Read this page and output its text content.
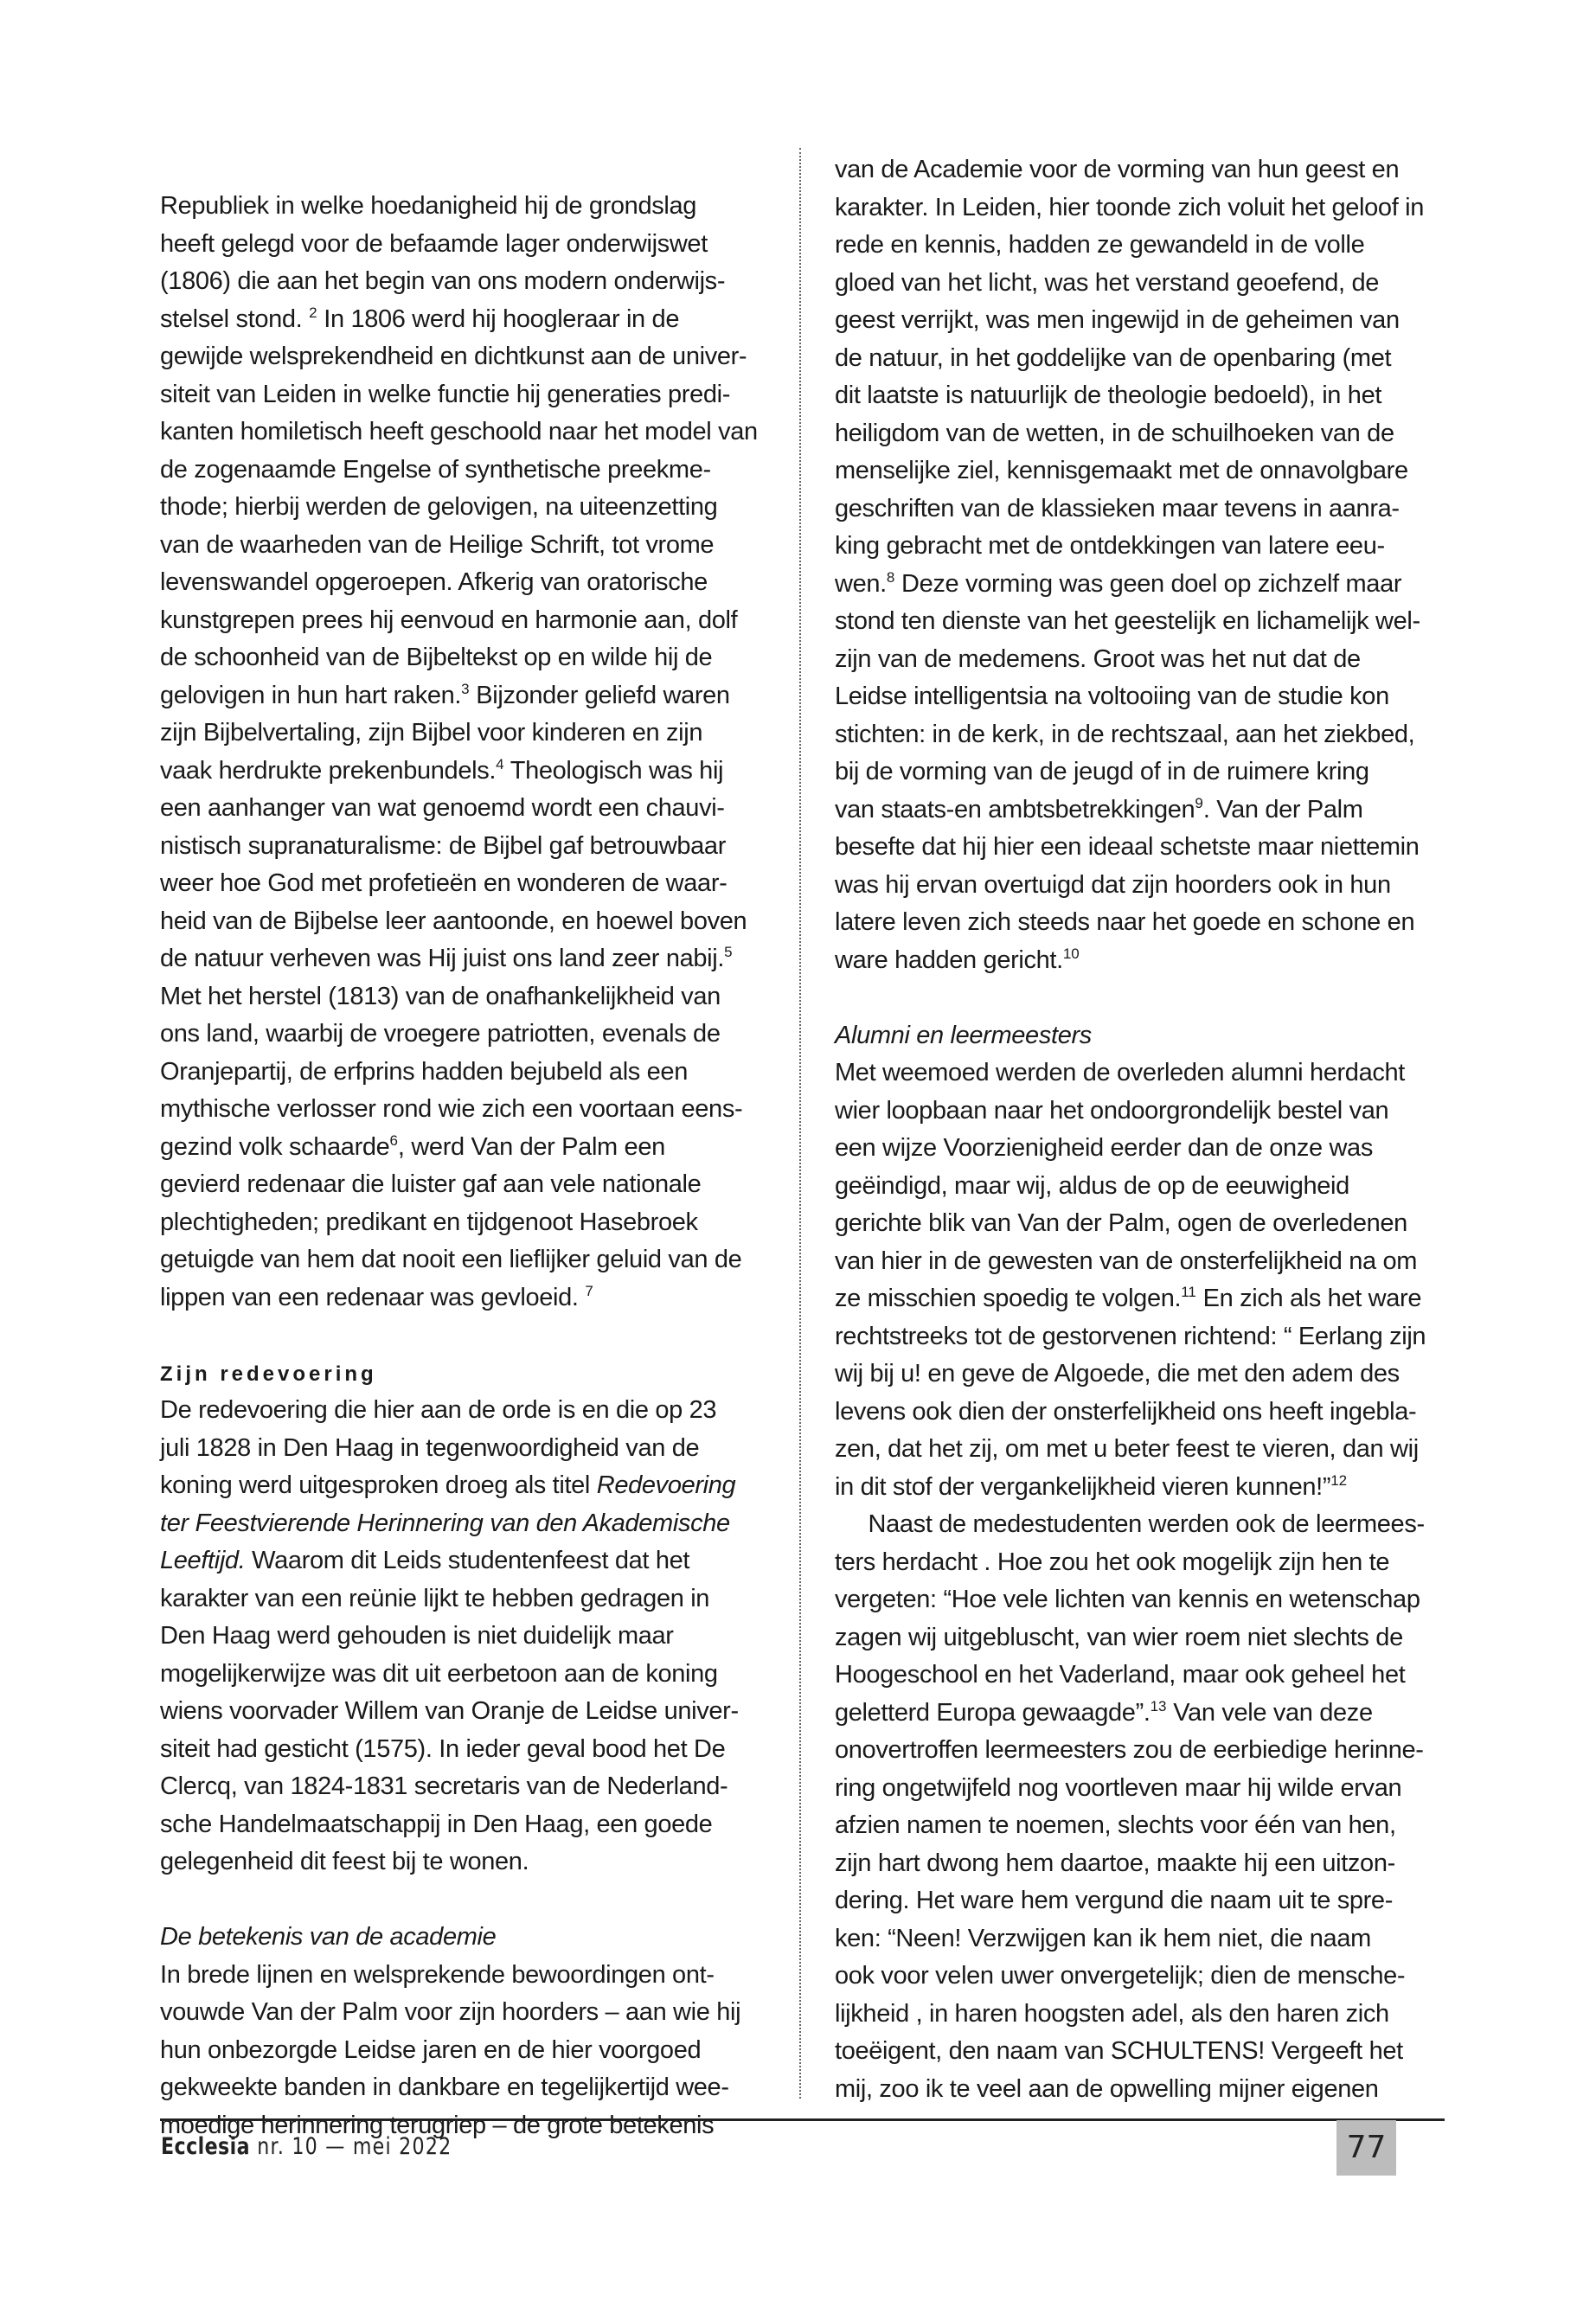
Republiek in welke hoedanigheid hij de grondslag
heeft gelegd voor de befaamde lager onderwijswet
(1806) die aan het begin van ons modern onderwijs-
stelsel stond. $^2$ In 1806 werd hij hoogleraar in de
gewijde welsprekendheid en dichtkunst aan de univer-
siteit van Leiden in welke functie hij generaties predi-
kanten homiletisch heeft geschoold naar het model van
de zogenaamde Engelse of synthetische preekme-
thode; hierbij werden de gelovigen, na uiteenzetting
van de waarheden van de Heilige Schrift, tot vrome
levenswandel opgeroepen. Afkerig van oratorische
kunstgrepen prees hij eenvoud en harmonie aan, dolf
de schoonheid van de Bijbeltekst op en wilde hij de
gelovigen in hun hart raken.$^3$ Bijzonder geliefd waren
zijn Bijbelvertaling, zijn Bijbel voor kinderen en zijn
vaak herdrukte prekenbundels.$^4$ Theologisch was hij
een aanhanger van wat genoemd wordt een chauvi-
nistisch supranaturalisme: de Bijbel gaf betrouwbaar
weer hoe God met profetieën en wonderen de waar-
heid van de Bijbelse leer aantoonde, en hoewel boven
de natuur verheven was Hij juist ons land zeer nabij.$^5$
Met het herstel (1813) van de onafhankelijkheid van
ons land, waarbij de vroegere patriotten, evenals de
Oranjepartij, de erfprins hadden bejubeld als een
mythische verlosser rond wie zich een voortaan eens-
gezind volk schaarde$^6$, werd Van der Palm een
gevierd redenaar die luister gaf aan vele nationale
plechtigheden; predikant en tijdgenoot Hasebroek
getuigde van hem dat nooit een lieflijker geluid van de
lippen van een redenaar was gevloeid. $^7$
Zijn redevoering
De redevoering die hier aan de orde is en die op 23
juli 1828 in Den Haag in tegenwoordigheid van de
koning werd uitgesproken droeg als titel Redevoering
ter Feestvierende Herinnering van den Akademische
Leeftijd. Waarom dit Leids studentenfeest dat het
karakter van een reünie lijkt te hebben gedragen in
Den Haag werd gehouden is niet duidelijk maar
mogelijkerwijze was dit uit eerbetoon aan de koning
wiens voorvader Willem van Oranje de Leidse univer-
siteit had gesticht (1575). In ieder geval bood het De
Clercq, van 1824-1831 secretaris van de Nederland-
sche Handelmaatschappij in Den Haag, een goede
gelegenheid dit feest bij te wonen.
De betekenis van de academie
In brede lijnen en welsprekende bewoordingen ont-
vouwde Van der Palm voor zijn hoorders – aan wie hij
hun onbezorgde Leidse jaren en de hier voorgoed
gekweekte banden in dankbare en tegelijkertijd wee-
moedige herinnering terugriep – de grote betekenis
van de Academie voor de vorming van hun geest en
karakter. In Leiden, hier toonde zich voluit het geloof in
rede en kennis, hadden ze gewandeld in de volle
gloed van het licht, was het verstand geoefend, de
geest verrijkt, was men ingewijd in de geheimen van
de natuur, in het goddelijke van de openbaring (met
dit laatste is natuurlijk de theologie bedoeld), in het
heiligdom van de wetten, in de schuilhoeken van de
menselijke ziel, kennisgemaakt met de onnavolgbare
geschriften van de klassieken maar tevens in aanra-
king gebracht met de ontdekkingen van latere eeu-
wen.$^8$ Deze vorming was geen doel op zichzelf maar
stond ten dienste van het geestelijk en lichamelijk wel-
zijn van de medemens. Groot was het nut dat de
Leidse intelligentsia na voltooiing van de studie kon
stichten: in de kerk, in de rechtszaal, aan het ziekbed,
bij de vorming van de jeugd of in de ruimere kring
van staats-en ambtsbetrekkingen$^9$. Van der Palm
besefte dat hij hier een ideaal schetste maar niettemin
was hij ervan overtuigd dat zijn hoorders ook in hun
latere leven zich steeds naar het goede en schone en
ware hadden gericht.$^{10}$
Alumni en leermeesters
Met weemoed werden de overleden alumni herdacht
wier loopbaan naar het ondoorgrondelijk bestel van
een wijze Voorzienigheid eerder dan de onze was
geëindigd, maar wij, aldus de op de eeuwigheid
gerichte blik van Van der Palm, ogen de overledenen
van hier in de gewesten van de onsterfelijkheid na om
ze misschien spoedig te volgen.$^{11}$ En zich als het ware
rechtstreeks tot de gestorvenen richtend: “ Eerlang zijn
wij bij u! en geve de Algoede, die met den adem des
levens ook dien der onsterfelijkheid ons heeft ingebla-
zen, dat het zij, om met u beter feest te vieren, dan wij
in dit stof der vergankelijkheid vieren kunnen!”$^{12}$
Naast de medestudenten werden ook de leermees-
ters herdacht . Hoe zou het ook mogelijk zijn hen te
vergeten: “Hoe vele lichten van kennis en wetenschap
zagen wij uitgebluscht, van wier roem niet slechts de
Hoogeschool en het Vaderland, maar ook geheel het
geletterd Europa gewaagde”.$^{13}$ Van vele van deze
onovertroffen leermeesters zou de eerbiedige herinne-
ring ongetwijfeld nog voortleven maar hij wilde ervan
afzien namen te noemen, slechts voor één van hen,
zijn hart dwong hem daartoe, maakte hij een uitzon-
dering. Het ware hem vergund die naam uit te spre-
ken: “Neen! Verzwijgen kan ik hem niet, die naam
ook voor velen uwer onvergetelijk; dien de mensche-
lijkheid , in haren hoogsten adel, als den haren zich
toeëigent, den naam van SCHULTENS! Vergeeft het
mij, zoo ik te veel aan de opwelling mijner eigenen
Ecclesia nr. 10 — mei 2022	77
